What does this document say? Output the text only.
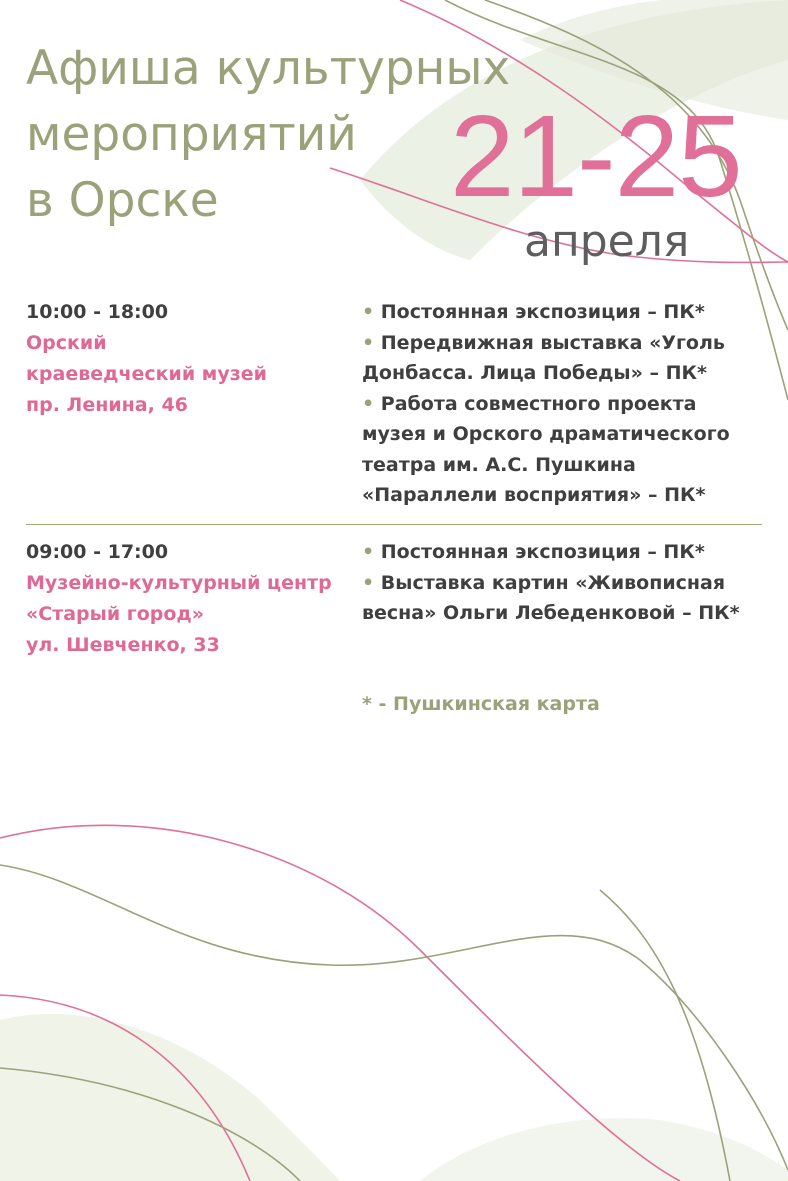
Афиша культурных
мероприятий
в Орске	21-25
апреля
10:00 - 18:00
Орский
краеведческий музей
пр. Ленина, 46
• Постоянная экспозиция – ПК*
• Передвижная выставка «Уголь
Донбасса. Лица Победы» – ПК*
• Работа совместного проекта
музея и Орского драматического
театра им. А.С. Пушкина
«Параллели восприятия» – ПК*
09:00 - 17:00
Музейно-культурный центр
«Старый город»
ул. Шевченко, 33
• Постоянная экспозиция – ПК*
• Выставка картин «Живописная
весна» Ольги Лебеденковой – ПК*
* - Пушкинская карта
